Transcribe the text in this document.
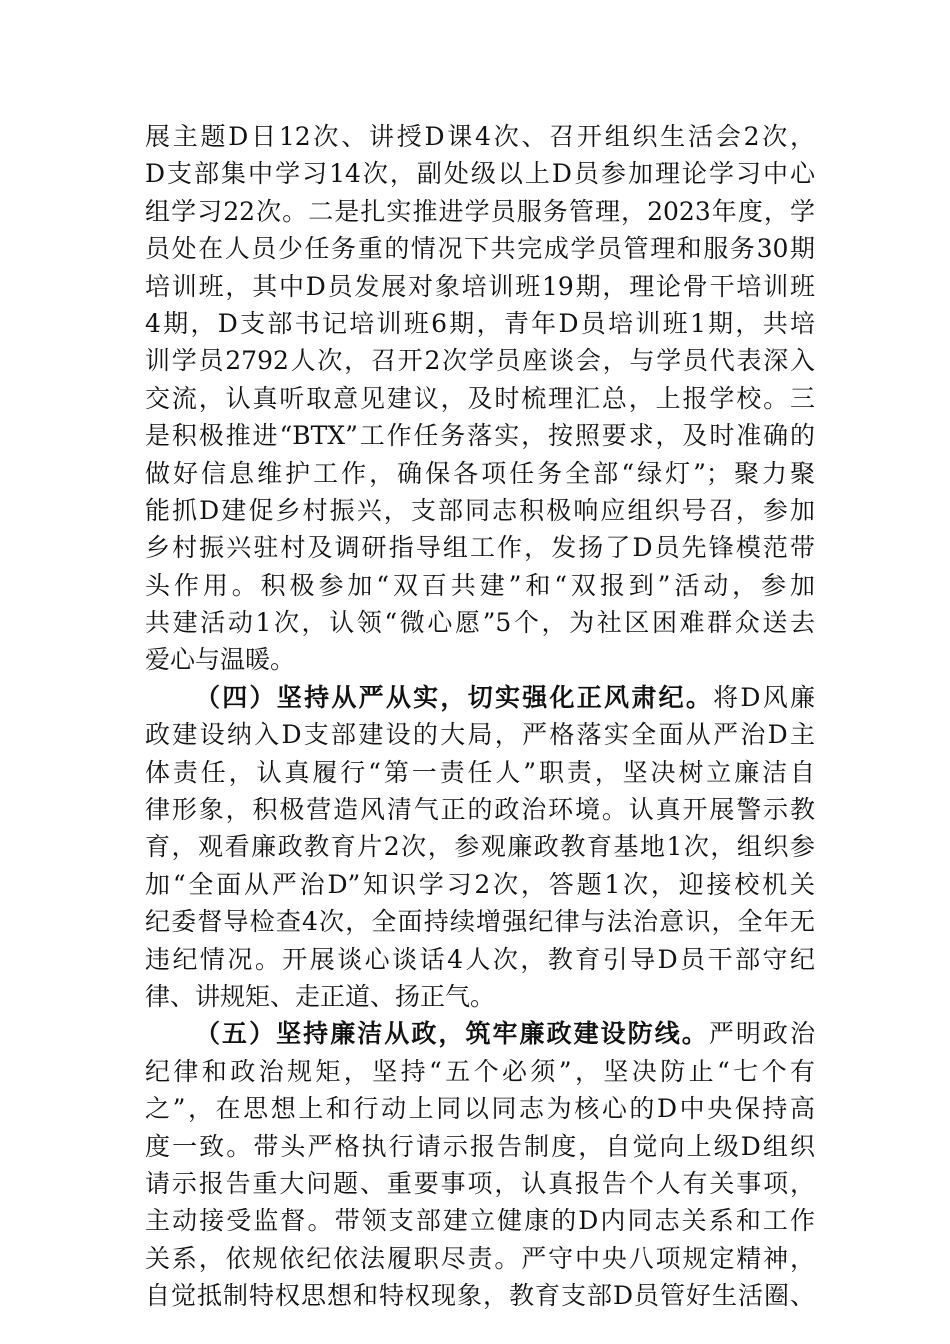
展主题D日12次、讲授D课4次、召开组织生活会2次，
D支部集中学习14次，副处级以上D员参加理论学习中心
组学习22次。二是扎实推进学员服务管理，2023年度，学
员处在人员少任务重的情况下共完成学员管理和服务30期
培训班，其中D员发展对象培训班19期，理论骨干培训班
4期，D支部书记培训班6期，青年D员培训班1期，共培
训学员2792人次，召开2次学员座谈会，与学员代表深入
交流，认真听取意见建议，及时梳理汇总，上报学校。三
是积极推进“BTX”工作任务落实，按照要求，及时准确的
做好信息维护工作，确保各项任务全部“绿灯”；聚力聚
能抓D建促乡村振兴，支部同志积极响应组织号召，参加
乡村振兴驻村及调研指导组工作，发扬了D员先锋模范带
头作用。积极参加“双百共建”和“双报到”活动，参加
共建活动1次，认领“微心愿”5个，为社区困难群众送去
爱心与温暖。
（四）坚持从严从实，切实强化正风肃纪。将D风廉
政建设纳入D支部建设的大局，严格落实全面从严治D主
体责任，认真履行“第一责任人”职责，坚决树立廉洁自
律形象，积极营造风清气正的政治环境。认真开展警示教
育，观看廉政教育片2次，参观廉政教育基地1次，组织参
加“全面从严治D”知识学习2次，答题1次，迎接校机关
纪委督导检查4次，全面持续增强纪律与法治意识，全年无
违纪情况。开展谈心谈话4人次，教育引导D员干部守纪
律、讲规矩、走正道、扬正气。
（五）坚持廉洁从政，筑牢廉政建设防线。严明政治
纪律和政治规矩，坚持“五个必须”，坚决防止“七个有
之”，在思想上和行动上同以同志为核心的D中央保持高
度一致。带头严格执行请示报告制度，自觉向上级D组织
请示报告重大问题、重要事项，认真报告个人有关事项，
主动接受监督。带领支部建立健康的D内同志关系和工作
关系，依规依纪依法履职尽责。严守中央八项规定精神，
自觉抵制特权思想和特权现象，教育支部D员管好生活圈、
